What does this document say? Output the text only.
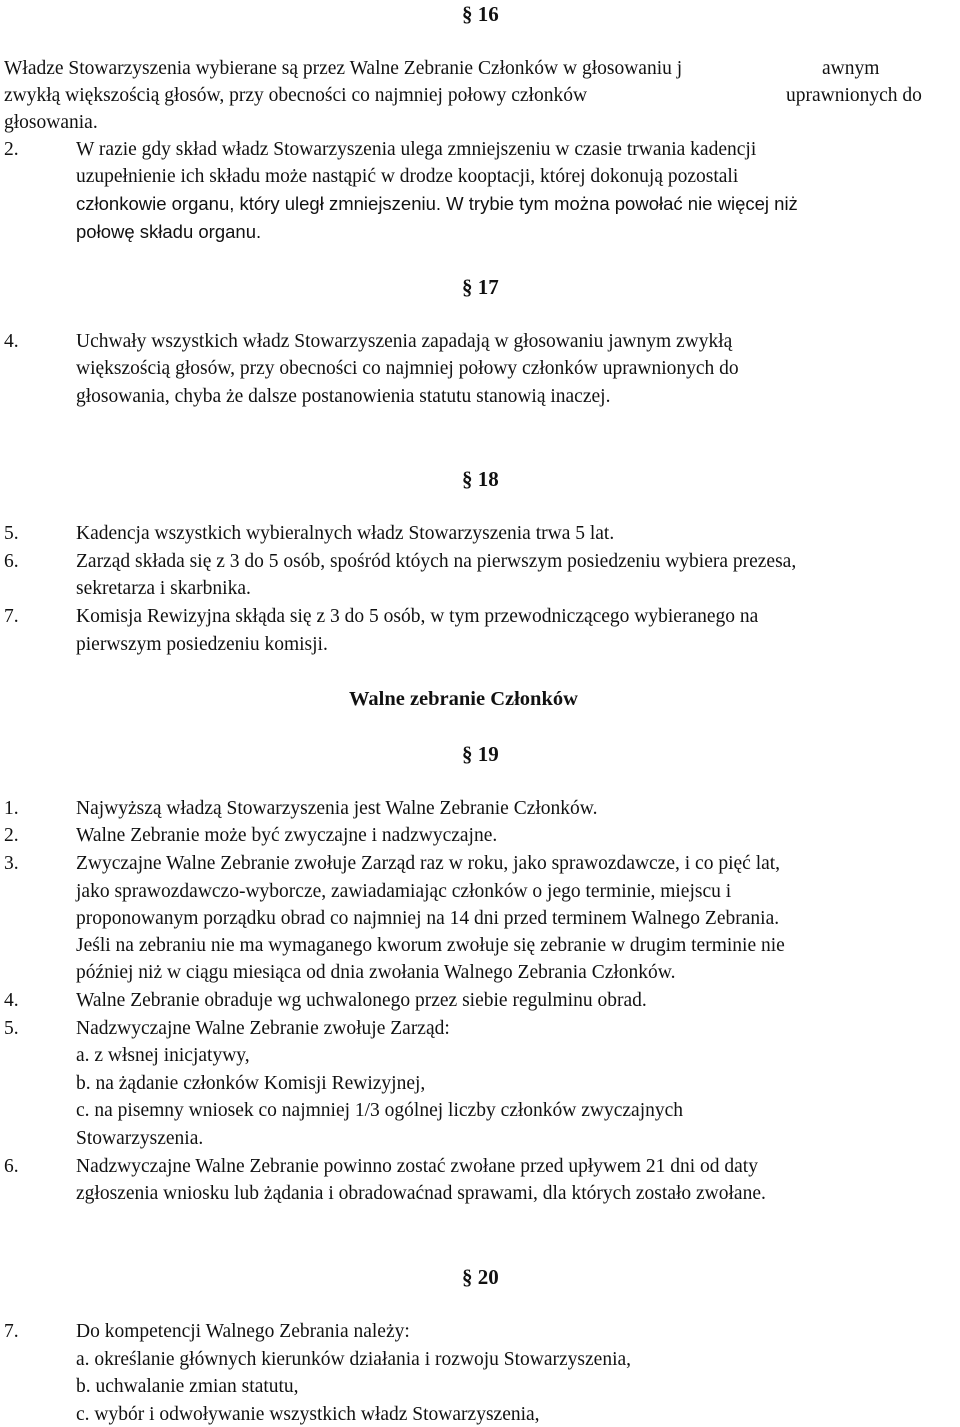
§ 16
Władze Stowarzyszenia wybierane są przez Walne Zebranie Członków w głosowaniu j	awnym
zwykłą większością głosów, przy obecności co najmniej połowy członków	uprawnionych do
głosowania.
2.	W razie gdy skład władz Stowarzyszenia ulega zmniejszeniu w czasie trwania kadencji
uzupełnienie ich składu może nastąpić w drodze kooptacji, której dokonują pozostali
członkowie organu, który uległ zmniejszeniu. W trybie tym można powołać nie więcej niż
połowę składu organu.
§ 17
4.	Uchwały wszystkich władz Stowarzyszenia zapadają w głosowaniu jawnym zwykłą
większością głosów, przy obecności co najmniej połowy członków uprawnionych do
głosowania, chyba że dalsze postanowienia statutu stanowią inaczej.
§ 18
5.	Kadencja wszystkich wybieralnych władz Stowarzyszenia trwa 5 lat.
6.	Zarząd składa się z 3 do 5 osób, spośród któych na pierwszym posiedzeniu wybiera prezesa,
sekretarza i skarbnika.
7.	Komisja Rewizyjna skłąda się z 3 do 5 osób, w tym przewodniczącego wybieranego na
pierwszym posiedzeniu komisji.
Walne zebranie Członków
§ 19
1.	Najwyższą władzą Stowarzyszenia jest Walne Zebranie Członków.
2.	Walne Zebranie może być zwyczajne i nadzwyczajne.
3.	Zwyczajne Walne Zebranie zwołuje Zarząd raz w roku, jako sprawozdawcze, i co pięć lat,
jako sprawozdawczo-wyborcze, zawiadamiając członków o jego terminie, miejscu i
proponowanym porządku obrad co najmniej na 14 dni przed terminem Walnego Zebrania.
Jeśli na zebraniu nie ma wymaganego kworum zwołuje się zebranie w drugim terminie nie
później niż w ciągu miesiąca od dnia zwołania Walnego Zebrania Członków.
4.	Walne Zebranie obraduje wg uchwalonego przez siebie regulminu obrad.
5.	Nadzwyczajne Walne Zebranie zwołuje Zarząd:
a. z włsnej inicjatywy,
b. na żądanie członków Komisji Rewizyjnej,
c. na pisemny wniosek co najmniej 1/3 ogólnej liczby członków zwyczajnych
Stowarzyszenia.
6.	Nadzwyczajne Walne Zebranie powinno zostać zwołane przed upływem 21 dni od daty
zgłoszenia wniosku lub żądania i obradowaćnad sprawami, dla których zostało zwołane.
§ 20
7.	Do kompetencji Walnego Zebrania należy:
a. określanie głównych kierunków działania i rozwoju Stowarzyszenia,
b. uchwalanie zmian statutu,
c. wybór i odwoływanie wszystkich władz Stowarzyszenia,
